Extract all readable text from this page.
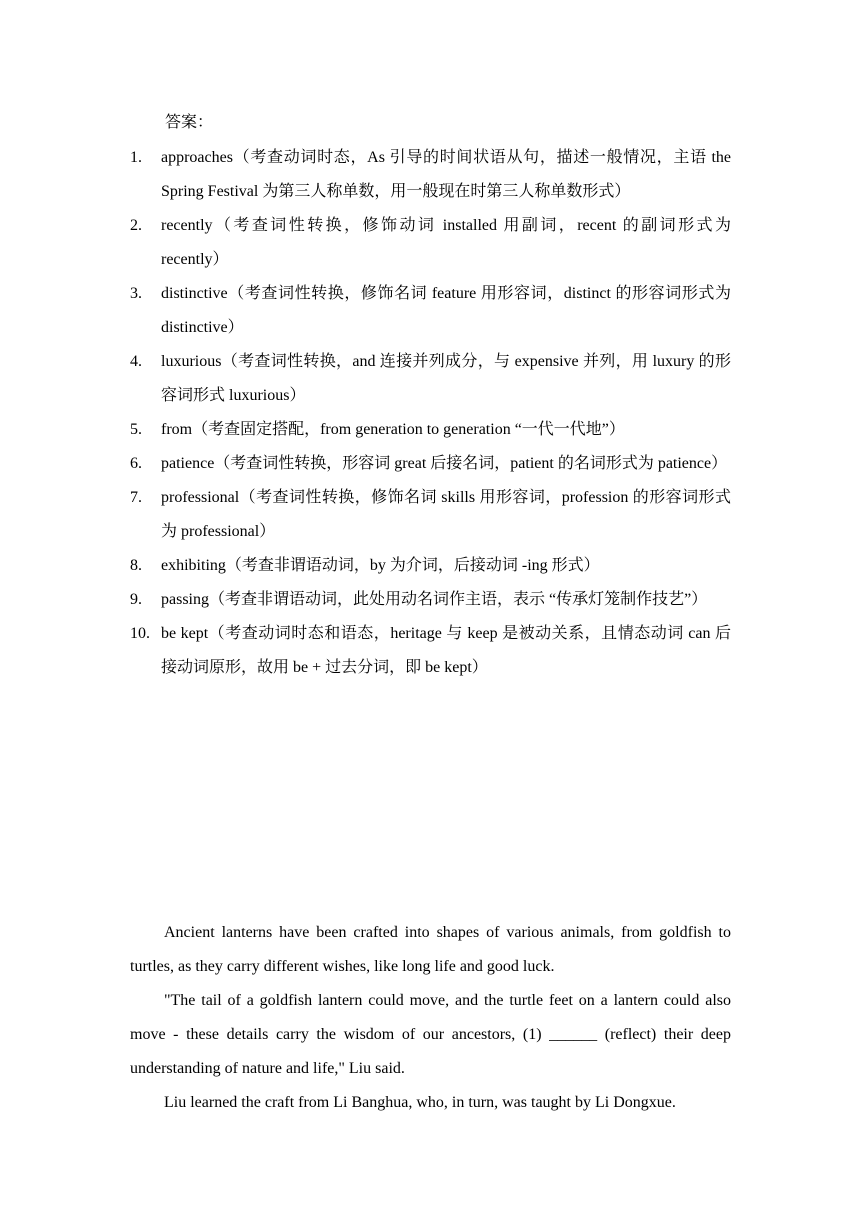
答案：
1.	approaches（考查动词时态，As 引导的时间状语从句，描述一般情况，主语 the Spring Festival 为第三人称单数，用一般现在时第三人称单数形式）
2.	recently（考查词性转换，修饰动词 installed 用副词，recent 的副词形式为 recently）
3.	distinctive（考查词性转换，修饰名词 feature 用形容词，distinct 的形容词形式为 distinctive）
4.	luxurious（考查词性转换，and 连接并列成分，与 expensive 并列，用 luxury 的形容词形式 luxurious）
5.	from（考查固定搭配，from generation to generation “一代一代地”）
6.	patience（考查词性转换，形容词 great 后接名词，patient 的名词形式为 patience）
7.	professional（考查词性转换，修饰名词 skills 用形容词，profession 的形容词形式为 professional）
8.	exhibiting（考查非谓语动词，by 为介词，后接动词 -ing 形式）
9.	passing（考查非谓语动词，此处用动名词作主语，表示 “传承灯笼制作技艺”）
10. be kept（考查动词时态和语态，heritage 与 keep 是被动关系，且情态动词 can 后接动词原形，故用 be + 过去分词，即 be kept）

Ancient lanterns have been crafted into shapes of various animals, from goldfish to turtles, as they carry different wishes, like long life and good luck.

"The tail of a goldfish lantern could move, and the turtle feet on a lantern could also move - these details carry the wisdom of our ancestors, (1) ______ (reflect) their deep understanding of nature and life," Liu said.

Liu learned the craft from Li Banghua, who, in turn, was taught by Li Dongxue.
